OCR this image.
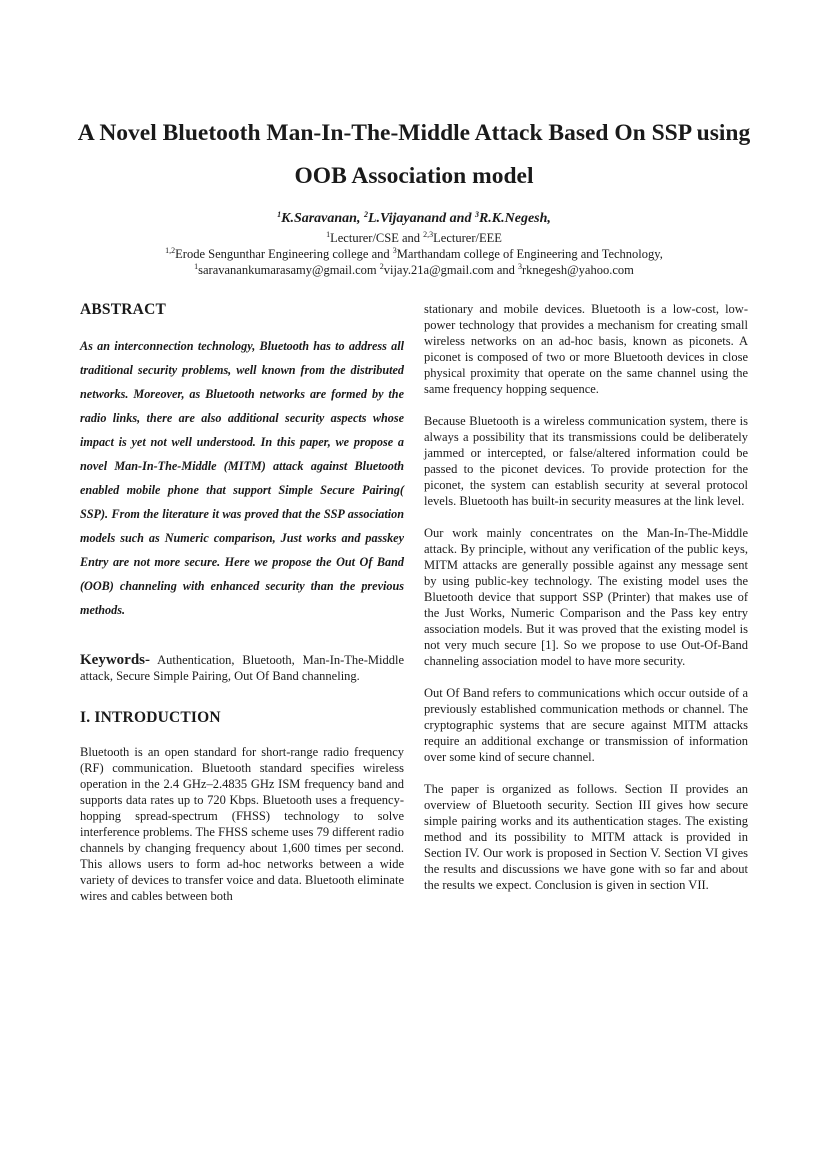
A Novel Bluetooth Man-In-The-Middle Attack Based On SSP using
OOB Association model

$^1$K.Saravanan, $^2$L.Vijayanand and $^3$R.K.Negesh,

$^1$Lecturer/CSE and $^{2,3}$Lecturer/EEE

$^{1,2}$Erode Sengunthar Engineering college and $^3$Marthandam college of Engineering and Technology,

$^1$saravanankumarasamy@gmail.com $^2$vijay.21a@gmail.com and $^3$rknegesh@yahoo.com

ABSTRACT

As an interconnection technology, Bluetooth has to address all traditional security problems, well known from the distributed networks. Moreover, as Bluetooth networks are formed by the radio links, there are also additional security aspects whose impact is yet not well understood. In this paper, we propose a novel Man-In-The-Middle (MITM) attack against Bluetooth enabled mobile phone that support Simple Secure Pairing( SSP). From the literature it was proved that the SSP association models such as Numeric comparison, Just works and passkey Entry are not more secure. Here we propose the Out Of Band (OOB) channeling with enhanced security than the previous methods.

Keywords- Authentication, Bluetooth, Man-In-The-Middle attack, Secure Simple Pairing, Out Of Band channeling.

I. INTRODUCTION

Bluetooth is an open standard for short-range radio frequency (RF) communication. Bluetooth standard specifies wireless operation in the 2.4 GHz–2.4835 GHz ISM frequency band and supports data rates up to 720 Kbps. Bluetooth uses a frequency-hopping spread-spectrum (FHSS) technology to solve interference problems. The FHSS scheme uses 79 different radio channels by changing frequency about 1,600 times per second. This allows users to form ad-hoc networks between a wide variety of devices to transfer voice and data. Bluetooth eliminate wires and cables between both

stationary and mobile devices. Bluetooth is a low-cost, low-power technology that provides a mechanism for creating small wireless networks on an ad-hoc basis, known as piconets. A piconet is composed of two or more Bluetooth devices in close physical proximity that operate on the same channel using the same frequency hopping sequence.

Because Bluetooth is a wireless communication system, there is always a possibility that its transmissions could be deliberately jammed or intercepted, or false/altered information could be passed to the piconet devices. To provide protection for the piconet, the system can establish security at several protocol levels. Bluetooth has built-in security measures at the link level.

Our work mainly concentrates on the Man-In-The-Middle attack. By principle, without any verification of the public keys, MITM attacks are generally possible against any message sent by using public-key technology. The existing model uses the Bluetooth device that support SSP (Printer) that makes use of the Just Works, Numeric Comparison and the Pass key entry association models. But it was proved that the existing model is not very much secure [1]. So we propose to use Out-Of-Band channeling association model to have more security.

Out Of Band refers to communications which occur outside of a previously established communication methods or channel. The cryptographic systems that are secure against MITM attacks require an additional exchange or transmission of information over some kind of secure channel.

The paper is organized as follows. Section II provides an overview of Bluetooth security. Section III gives how secure simple pairing works and its authentication stages. The existing method and its possibility to MITM attack is provided in Section IV. Our work is proposed in Section V. Section VI gives the results and discussions we have gone with so far and about the results we expect. Conclusion is given in section VII.
